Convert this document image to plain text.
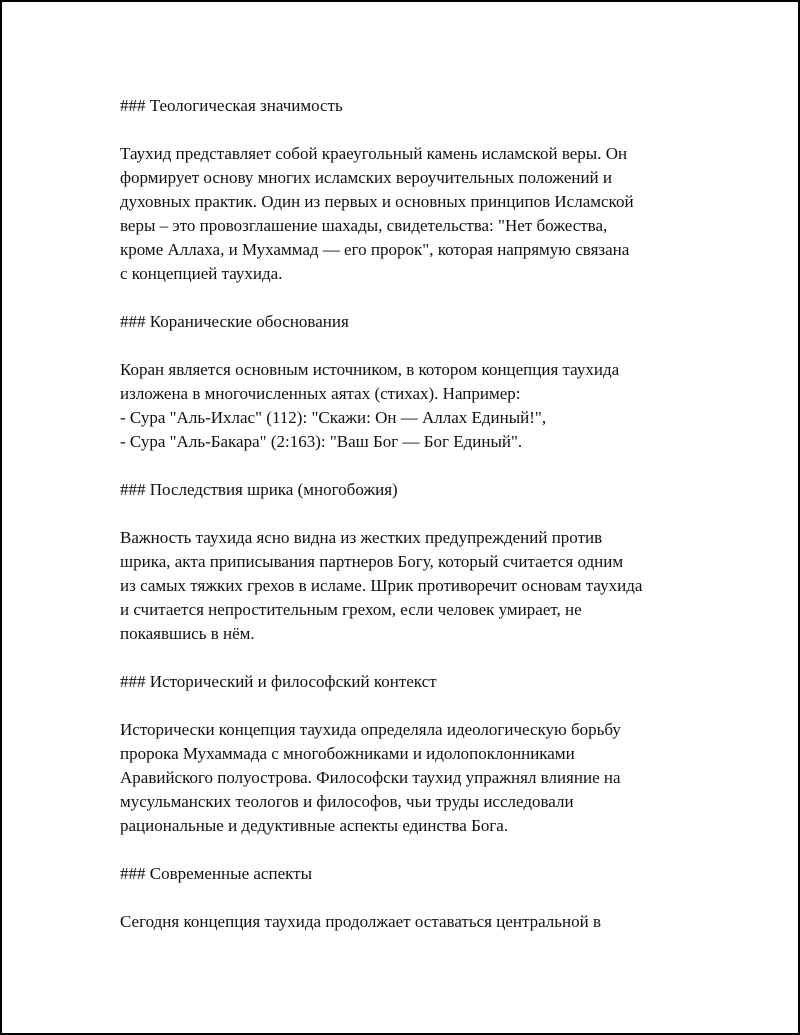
### Теологическая значимость
Таухид представляет собой краеугольный камень исламской веры. Он
формирует основу многих исламских вероучительных положений и
духовных практик. Один из первых и основных принципов Исламской
веры – это провозглашение шахады, свидетельства: "Нет божества,
кроме Аллаха, и Мухаммад — его пророк", которая напрямую связана
с концепцией таухида.
### Коранические обоснования
Коран является основным источником, в котором концепция таухида
изложена в многочисленных аятах (стихах). Например:
- Сура "Аль-Ихлас" (112): "Скажи: Он — Аллах Единый!",
- Сура "Аль-Бакара" (2:163): "Ваш Бог — Бог Единый".
### Последствия шрика (многобожия)
Важность таухида ясно видна из жестких предупреждений против
шрика, акта приписывания партнеров Богу, который считается одним
из самых тяжких грехов в исламе. Шрик противоречит основам таухида
и считается непростительным грехом, если человек умирает, не
покаявшись в нём.
### Исторический и философский контекст
Исторически концепция таухида определяла идеологическую борьбу
пророка Мухаммада с многобожниками и идолопоклонниками
Аравийского полуострова. Философски таухид упражнял влияние на
мусульманских теологов и философов, чьи труды исследовали
рациональные и дедуктивные аспекты единства Бога.
### Современные аспекты
Сегодня концепция таухида продолжает оставаться центральной в
